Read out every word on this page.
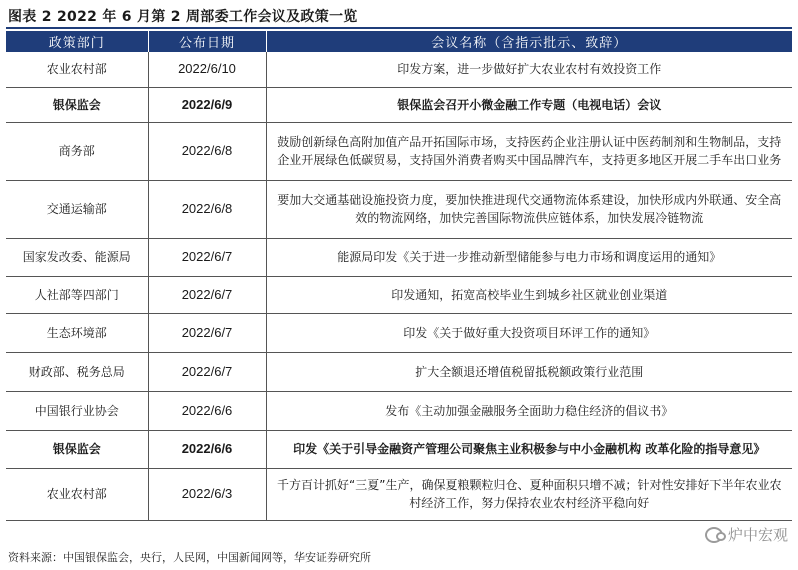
图表 2 2022 年 6 月第 2 周部委工作会议及政策一览
政策部门	公布日期	会议名称（含指示批示、致辞）
农业农村部	2022/6/10	印发方案，进一步做好扩大农业农村有效投资工作
银保监会	2022/6/9	银保监会召开小微金融工作专题（电视电话）会议
商务部	2022/6/8	鼓励创新绿色高附加值产品开拓国际市场，支持医药企业注册认证中医药制剂和生物制品，支持企业开展绿色低碳贸易，支持国外消费者购买中国品牌汽车，支持更多地区开展二手车出口业务
交通运输部	2022/6/8	要加大交通基础设施投资力度，要加快推进现代交通物流体系建设，加快形成内外联通、安全高效的物流网络，加快完善国际物流供应链体系，加快发展冷链物流
国家发改委、能源局	2022/6/7	能源局印发《关于进一步推动新型储能参与电力市场和调度运用的通知》
人社部等四部门	2022/6/7	印发通知，拓宽高校毕业生到城乡社区就业创业渠道
生态环境部	2022/6/7	印发《关于做好重大投资项目环评工作的通知》
财政部、税务总局	2022/6/7	扩大全额退还增值税留抵税额政策行业范围
中国银行业协会	2022/6/6	发布《主动加强金融服务全面助力稳住经济的倡议书》
银保监会	2022/6/6	印发《关于引导金融资产管理公司聚焦主业积极参与中小金融机构 改革化险的指导意见》
农业农村部	2022/6/3	千方百计抓好“三夏”生产，确保夏粮颗粒归仓、夏种面积只增不减；针对性安排好下半年农业农村经济工作，努力保持农业农村经济平稳向好
资料来源：中国银保监会，央行，人民网，中国新闻网等，华安证券研究所
炉中宏观
